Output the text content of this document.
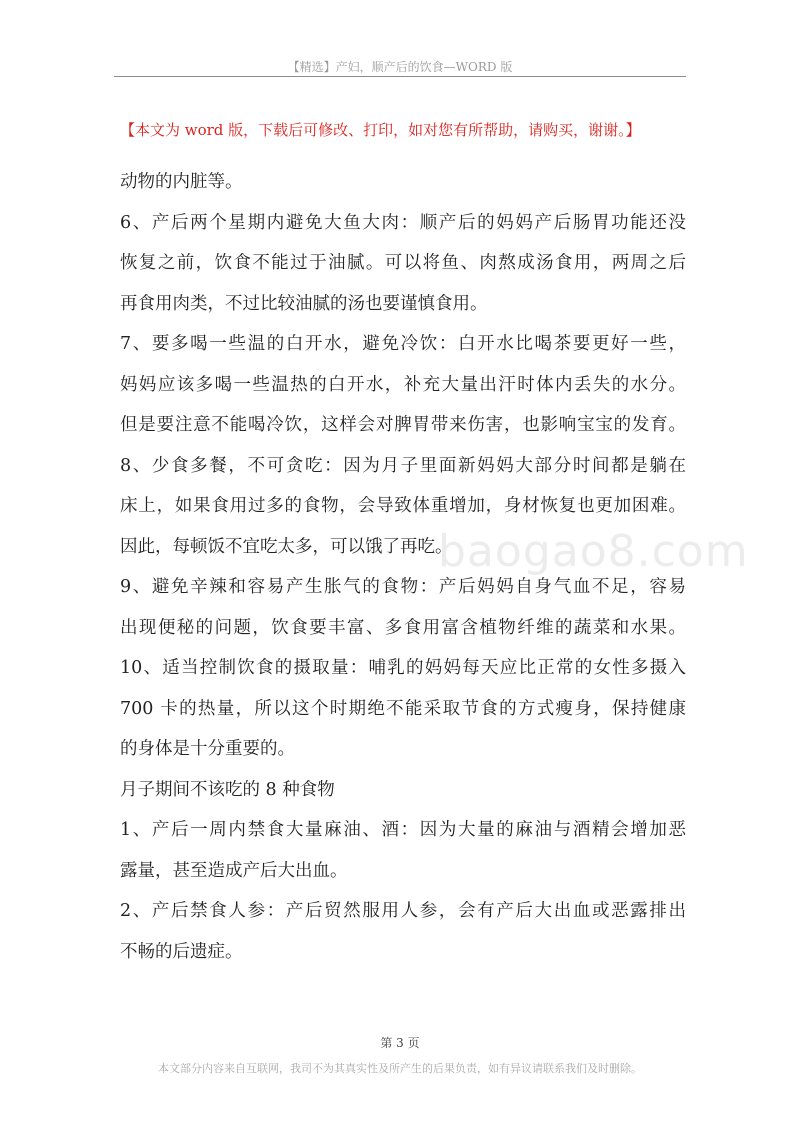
【精选】产妇，顺产后的饮食—WORD 版
【本文为 word 版，下载后可修改、打印，如对您有所帮助，请购买，谢谢。】
动物的内脏等。
6、产后两个星期内避免大鱼大肉：顺产后的妈妈产后肠胃功能还没
恢复之前，饮食不能过于油腻。可以将鱼、肉熬成汤食用，两周之后
再食用肉类，不过比较油腻的汤也要谨慎食用。
7、要多喝一些温的白开水，避免冷饮：白开水比喝茶要更好一些，
妈妈应该多喝一些温热的白开水，补充大量出汗时体内丢失的水分。
但是要注意不能喝冷饮，这样会对脾胃带来伤害，也影响宝宝的发育。
8、少食多餐，不可贪吃：因为月子里面新妈妈大部分时间都是躺在
床上，如果食用过多的食物，会导致体重增加，身材恢复也更加困难。
因此，每顿饭不宜吃太多，可以饿了再吃。
9、避免辛辣和容易产生胀气的食物：产后妈妈自身气血不足，容易
出现便秘的问题，饮食要丰富、多食用富含植物纤维的蔬菜和水果。
10、适当控制饮食的摄取量：哺乳的妈妈每天应比正常的女性多摄入
700 卡的热量，所以这个时期绝不能采取节食的方式瘦身，保持健康
的身体是十分重要的。
月子期间不该吃的 8 种食物
1、产后一周内禁食大量麻油、酒：因为大量的麻油与酒精会增加恶
露量，甚至造成产后大出血。
2、产后禁食人参：产后贸然服用人参，会有产后大出血或恶露排出
不畅的后遗症。
baogao8.com
第 3 页
本文部分内容来自互联网，我司不为其真实性及所产生的后果负责，如有异议请联系我们及时删除。
